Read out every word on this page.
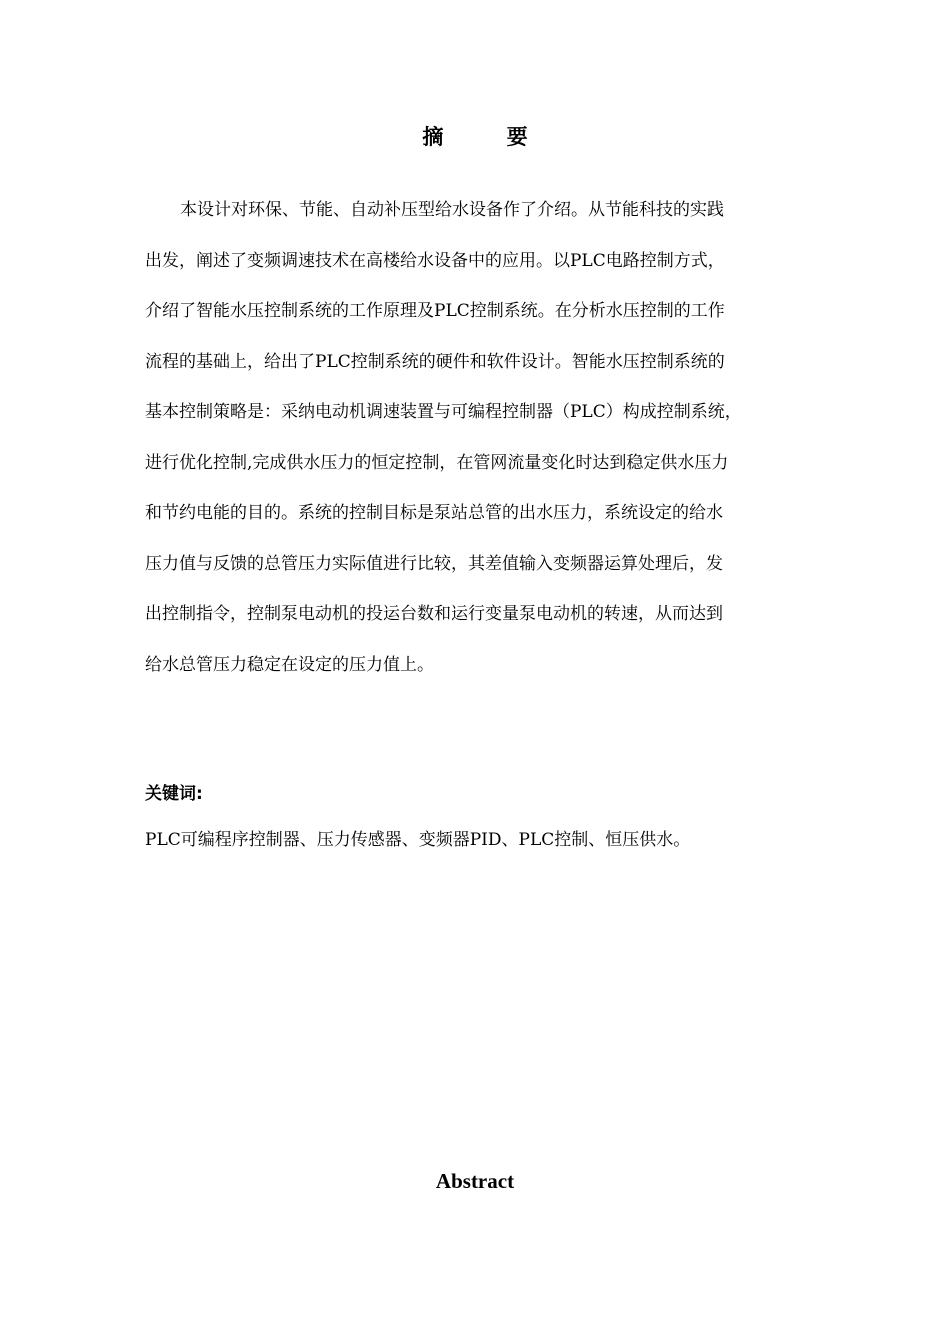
摘 要
本设计对环保、节能、自动补压型给水设备作了介绍。从节能科技的实践
出发，阐述了变频调速技术在高楼给水设备中的应用。以PLC电路控制方式，
介绍了智能水压控制系统的工作原理及PLC控制系统。在分析水压控制的工作
流程的基础上，给出了PLC控制系统的硬件和软件设计。智能水压控制系统的
基本控制策略是：采纳电动机调速装置与可编程控制器（PLC）构成控制系统，
进行优化控制,完成供水压力的恒定控制，在管网流量变化时达到稳定供水压力
和节约电能的目的。系统的控制目标是泵站总管的出水压力，系统设定的给水
压力值与反馈的总管压力实际值进行比较，其差值输入变频器运算处理后，发
出控制指令，控制泵电动机的投运台数和运行变量泵电动机的转速，从而达到
给水总管压力稳定在设定的压力值上。

关键词:

PLC可编程序控制器、压力传感器、变频器PID、PLC控制、恒压供水。

Abstract
